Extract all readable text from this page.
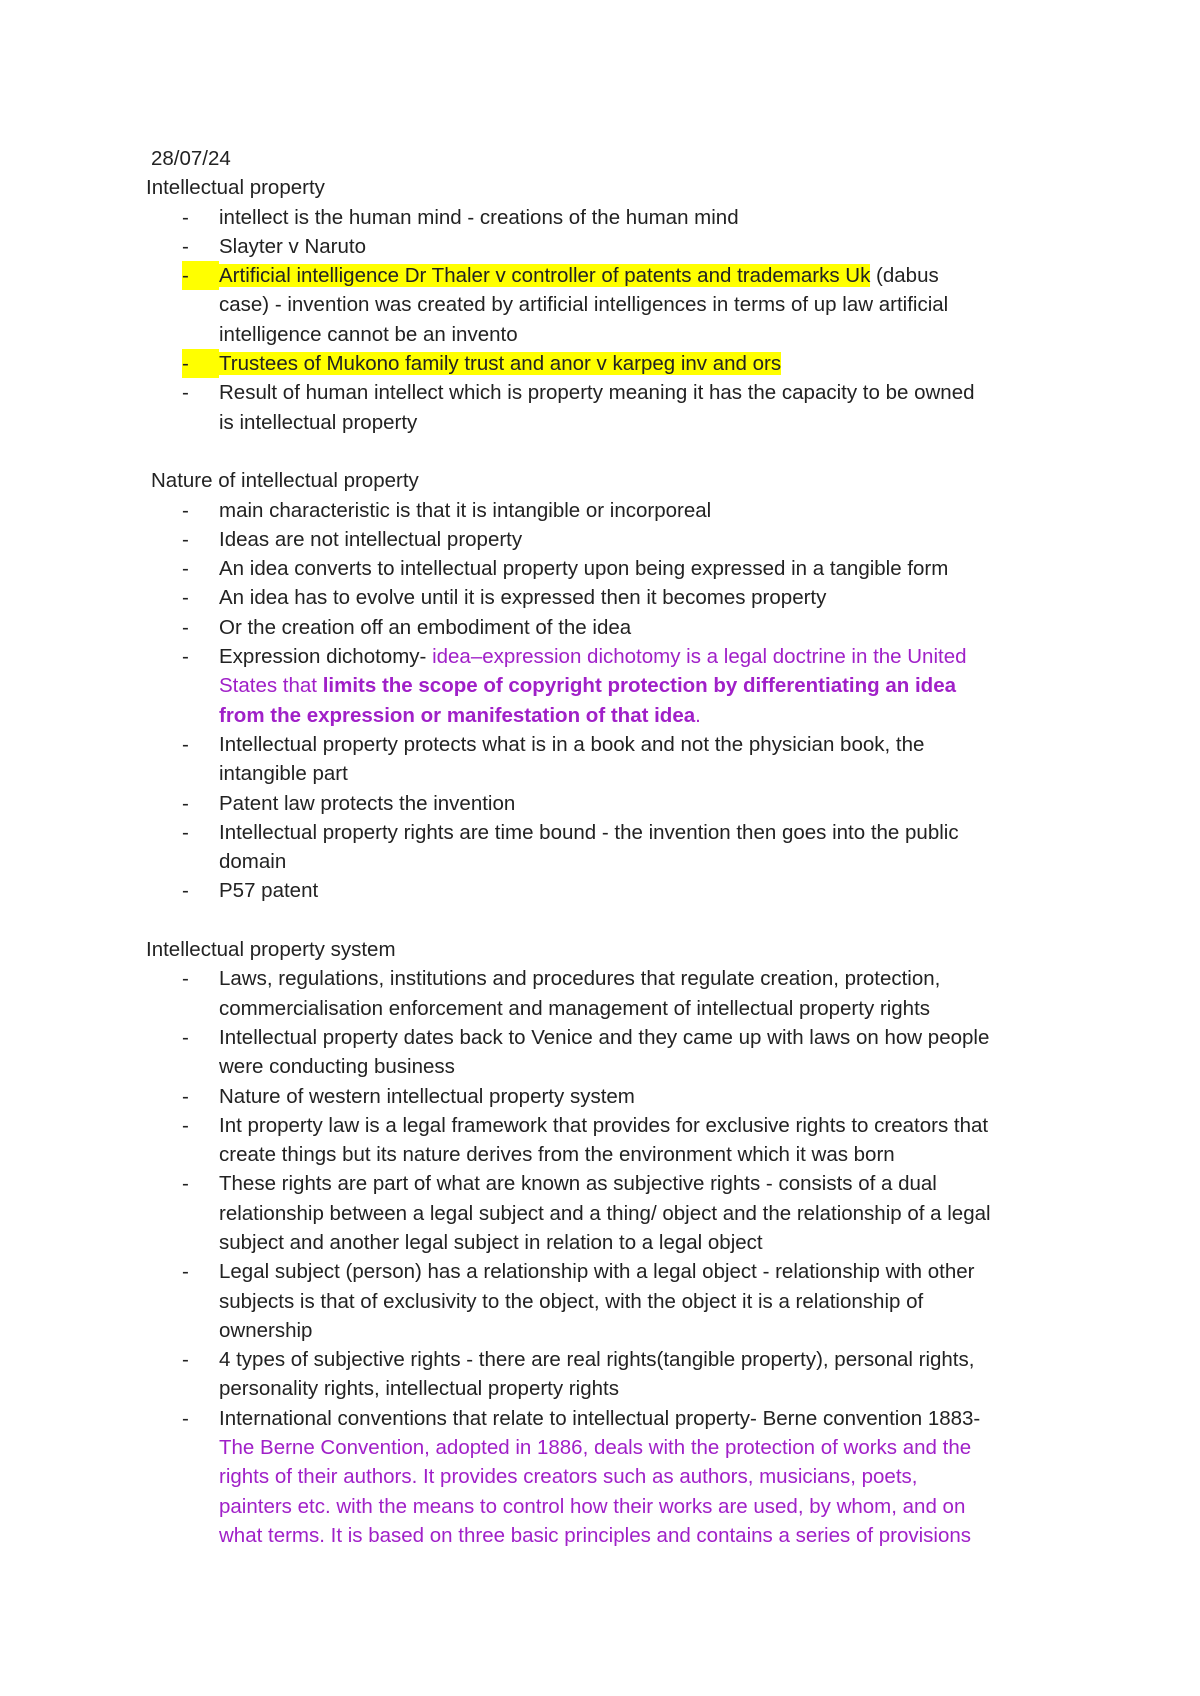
28/07/24
Intellectual property
- intellect is the human mind - creations of the human mind
- Slayter v Naruto
-	Artificial intelligence Dr Thaler v controller of patents and trademarks Uk (dabus
case) - invention was created by artificial intelligences in terms of up law artificial
intelligence cannot be an invento
-	Trustees of Mukono family trust and anor v karpeg inv and ors
- Result of human intellect which is property meaning it has the capacity to be owned
is intellectual property
Nature of intellectual property
- main characteristic is that it is intangible or incorporeal
- Ideas are not intellectual property
- An idea converts to intellectual property upon being expressed in a tangible form
- An idea has to evolve until it is expressed then it becomes property
- Or the creation off an embodiment of the idea
- Expression dichotomy- idea–expression dichotomy is a legal doctrine in the United
States that limits the scope of copyright protection by differentiating an idea
from the expression or manifestation of that idea.
- Intellectual property protects what is in a book and not the physician book, the
intangible part
- Patent law protects the invention
- Intellectual property rights are time bound - the invention then goes into the public
domain
- P57 patent
Intellectual property system
- Laws, regulations, institutions and procedures that regulate creation, protection,
commercialisation enforcement and management of intellectual property rights
- Intellectual property dates back to Venice and they came up with laws on how people
were conducting business
- Nature of western intellectual property system
- Int property law is a legal framework that provides for exclusive rights to creators that
create things but its nature derives from the environment which it was born
- These rights are part of what are known as subjective rights - consists of a dual
relationship between a legal subject and a thing/ object and the relationship of a legal
subject and another legal subject in relation to a legal object
- Legal subject (person) has a relationship with a legal object - relationship with other
subjects is that of exclusivity to the object, with the object it is a relationship of
ownership
- 4 types of subjective rights - there are real rights(tangible property), personal rights,
personality rights, intellectual property rights
- International conventions that relate to intellectual property- Berne convention 1883-
The Berne Convention, adopted in 1886, deals with the protection of works and the
rights of their authors. It provides creators such as authors, musicians, poets,
painters etc. with the means to control how their works are used, by whom, and on
what terms. It is based on three basic principles and contains a series of provisions
